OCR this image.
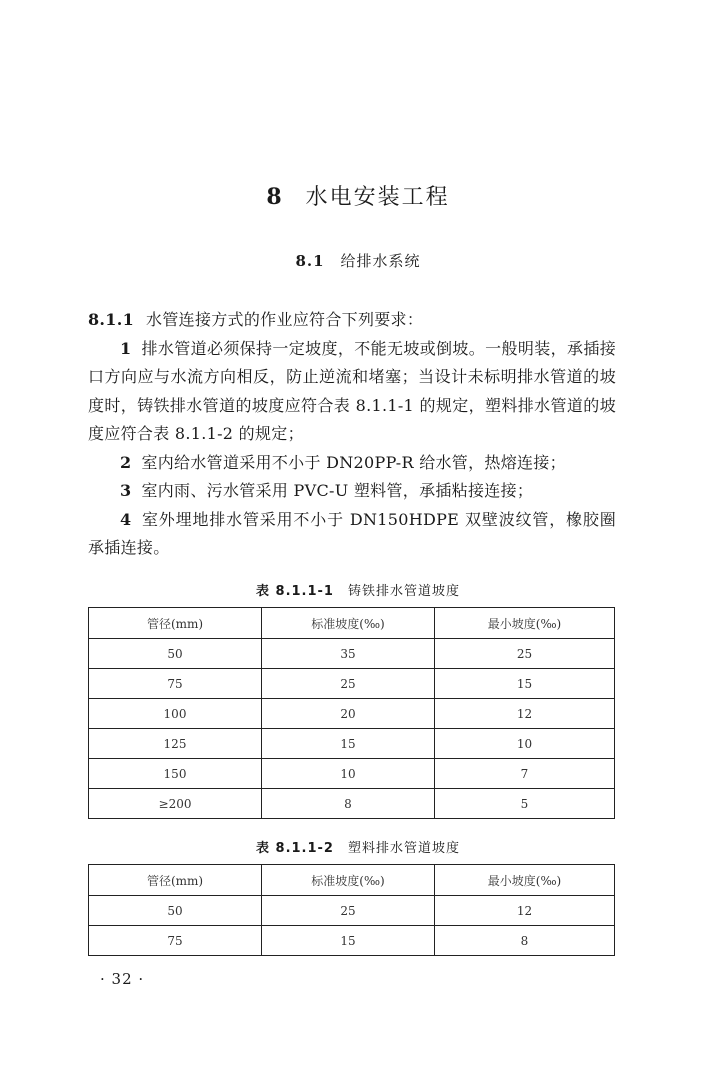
8 水电安装工程
8.1 给排水系统

8.1.1 水管连接方式的作业应符合下列要求：

1 排水管道必须保持一定坡度，不能无坡或倒坡。一般明装，承插接口方向应与水流方向相反，防止逆流和堵塞；当设计未标明排水管道的坡度时，铸铁排水管道的坡度应符合表 8.1.1-1 的规定，塑料排水管道的坡度应符合表 8.1.1-2 的规定；

2 室内给水管道采用不小于 DN20PP-R 给水管，热熔连接；

3 室内雨、污水管采用 PVC-U 塑料管，承插粘接连接；

4 室外埋地排水管采用不小于 DN150HDPE 双壁波纹管，橡胶圈承插连接。

表 8.1.1-1 铸铁排水管道坡度
管径(mm)	标准坡度(‰)	最小坡度(‰)
50	35	25
75	25	15
100	20	12
125	15	10
150	10	7
≥200	8	5
表 8.1.1-2 塑料排水管道坡度
管径(mm)	标准坡度(‰)	最小坡度(‰)
50	25	12
75	15	8
· 32 ·
